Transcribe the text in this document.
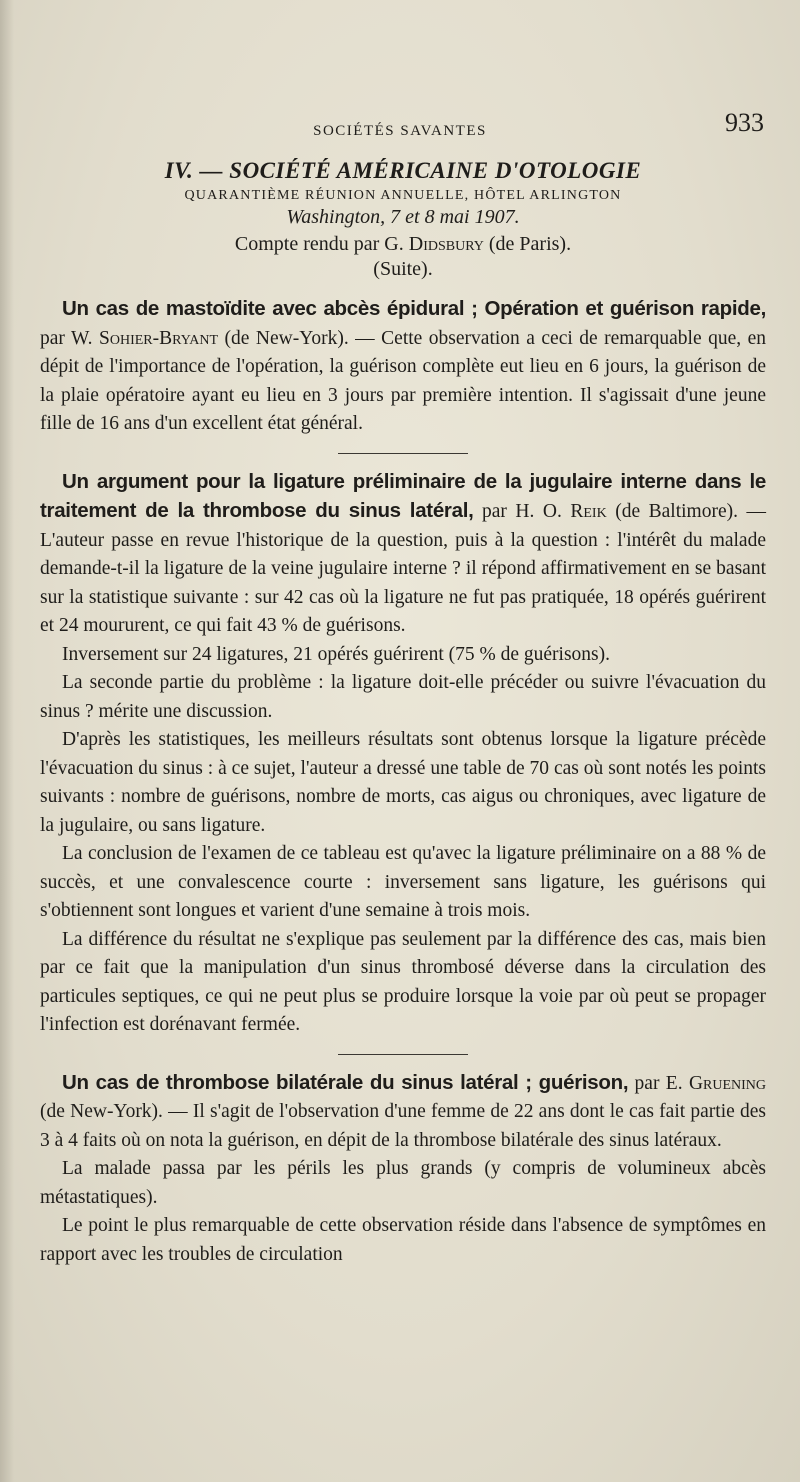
SOCIÉTÉS SAVANTES	933
IV. — SOCIÉTÉ AMÉRICAINE D'OTOLOGIE

QUARANTIÈME RÉUNION ANNUELLE, HÔTEL ARLINGTON

Washington, 7 et 8 mai 1907.

Compte rendu par G. Didsbury (de Paris).

(Suite).

Un cas de mastoïdite avec abcès épidural ; Opération et guérison rapide, par W. Sohier-Bryant (de New-York). — Cette observation a ceci de remarquable que, en dépit de l'importance de l'opération, la guérison complète eut lieu en 6 jours, la guérison de la plaie opératoire ayant eu lieu en 3 jours par première intention. Il s'agissait d'une jeune fille de 16 ans d'un excellent état général.

Un argument pour la ligature préliminaire de la jugulaire interne dans le traitement de la thrombose du sinus latéral, par H. O. Reik (de Baltimore). — L'auteur passe en revue l'historique de la question, puis à la question : l'intérêt du malade demande-t-il la ligature de la veine jugulaire interne ? il répond affirmativement en se basant sur la statistique suivante : sur 42 cas où la ligature ne fut pas pratiquée, 18 opérés guérirent et 24 moururent, ce qui fait 43 % de guérisons.

Inversement sur 24 ligatures, 21 opérés guérirent (75 % de guérisons).

La seconde partie du problème : la ligature doit-elle précéder ou suivre l'évacuation du sinus ? mérite une discussion.

D'après les statistiques, les meilleurs résultats sont obtenus lorsque la ligature précède l'évacuation du sinus : à ce sujet, l'auteur a dressé une table de 70 cas où sont notés les points suivants : nombre de guérisons, nombre de morts, cas aigus ou chroniques, avec ligature de la jugulaire, ou sans ligature.

La conclusion de l'examen de ce tableau est qu'avec la ligature préliminaire on a 88 % de succès, et une convalescence courte : inversement sans ligature, les guérisons qui s'obtiennent sont longues et varient d'une semaine à trois mois.

La différence du résultat ne s'explique pas seulement par la différence des cas, mais bien par ce fait que la manipulation d'un sinus thrombosé déverse dans la circulation des particules septiques, ce qui ne peut plus se produire lorsque la voie par où peut se propager l'infection est dorénavant fermée.

Un cas de thrombose bilatérale du sinus latéral ; guérison, par E. Gruening (de New-York). — Il s'agit de l'observation d'une femme de 22 ans dont le cas fait partie des 3 à 4 faits où on nota la guérison, en dépit de la thrombose bilatérale des sinus latéraux.

La malade passa par les périls les plus grands (y compris de volumineux abcès métastatiques).

Le point le plus remarquable de cette observation réside dans l'absence de symptômes en rapport avec les troubles de circulation
